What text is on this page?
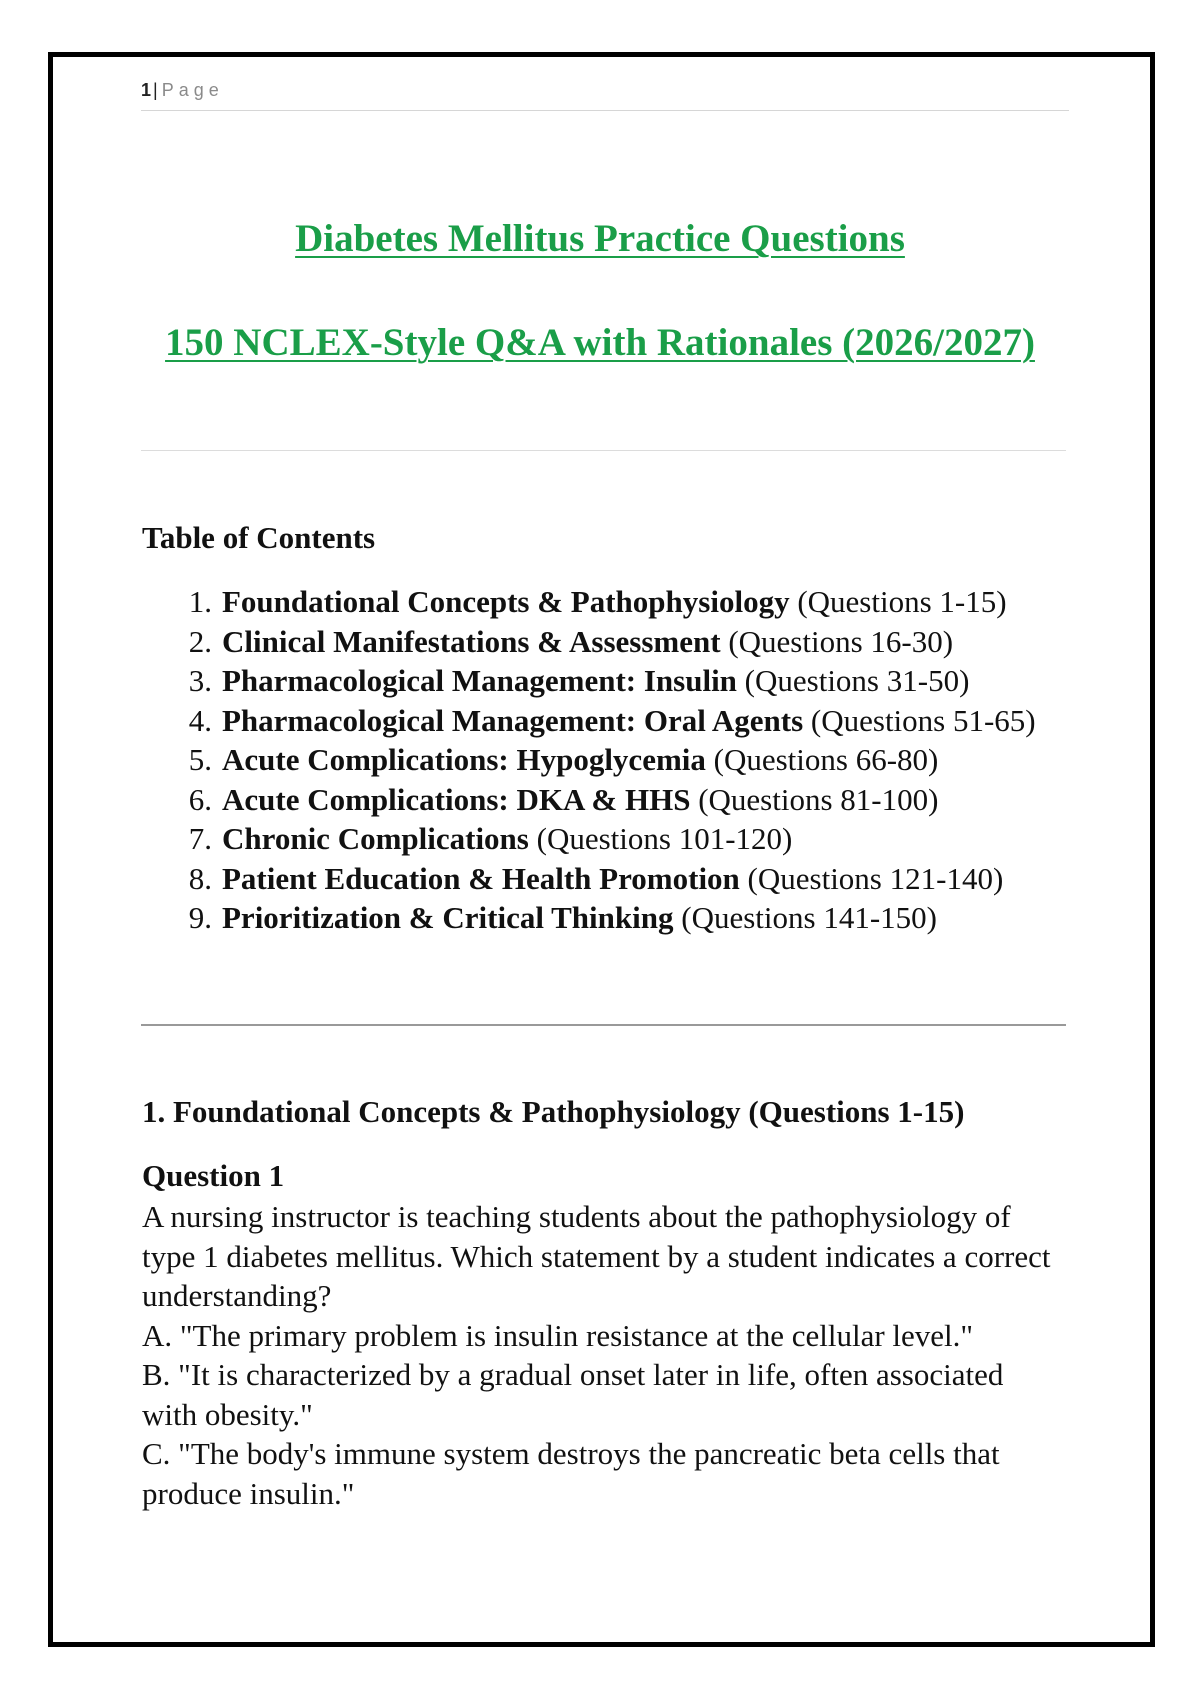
1 | Page
Diabetes Mellitus Practice Questions
150 NCLEX-Style Q&A with Rationales (2026/2027)
Table of Contents
1. Foundational Concepts & Pathophysiology (Questions 1-15)
2. Clinical Manifestations & Assessment (Questions 16-30)
3. Pharmacological Management: Insulin (Questions 31-50)
4. Pharmacological Management: Oral Agents (Questions 51-65)
5. Acute Complications: Hypoglycemia (Questions 66-80)
6. Acute Complications: DKA & HHS (Questions 81-100)
7. Chronic Complications (Questions 101-120)
8. Patient Education & Health Promotion (Questions 121-140)
9. Prioritization & Critical Thinking (Questions 141-150)
1. Foundational Concepts & Pathophysiology (Questions 1-15)
Question 1

A nursing instructor is teaching students about the pathophysiology of type 1 diabetes mellitus. Which statement by a student indicates a correct understanding?

A. "The primary problem is insulin resistance at the cellular level."

B. "It is characterized by a gradual onset later in life, often associated with obesity."

C. "The body's immune system destroys the pancreatic beta cells that produce insulin."
